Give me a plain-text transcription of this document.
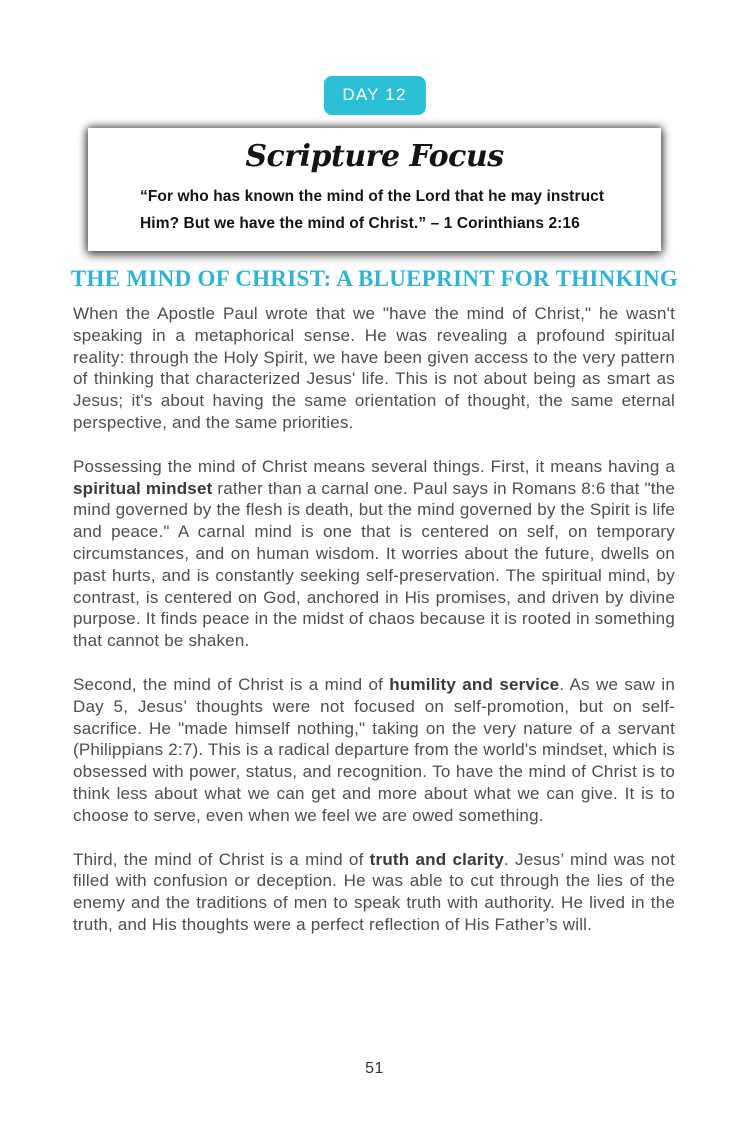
DAY 12
Scripture Focus
“For who has known the mind of the Lord that he may instruct
Him? But we have the mind of Christ.” – 1 Corinthians 2:16
THE MIND OF CHRIST: A BLUEPRINT FOR THINKING

When the Apostle Paul wrote that we "have the mind of Christ," he wasn't speaking in a metaphorical sense. He was revealing a profound spiritual reality: through the Holy Spirit, we have been given access to the very pattern of thinking that characterized Jesus' life. This is not about being as smart as Jesus; it's about having the same orientation of thought, the same eternal perspective, and the same priorities.

Possessing the mind of Christ means several things. First, it means having a spiritual mindset rather than a carnal one. Paul says in Romans 8:6 that "the mind governed by the flesh is death, but the mind governed by the Spirit is life and peace." A carnal mind is one that is centered on self, on temporary circumstances, and on human wisdom. It worries about the future, dwells on past hurts, and is constantly seeking self-preservation. The spiritual mind, by contrast, is centered on God, anchored in His promises, and driven by divine purpose. It finds peace in the midst of chaos because it is rooted in something that cannot be shaken.

Second, the mind of Christ is a mind of humility and service. As we saw in Day 5, Jesus’ thoughts were not focused on self-promotion, but on self-sacrifice. He "made himself nothing," taking on the very nature of a servant (Philippians 2:7). This is a radical departure from the world's mindset, which is obsessed with power, status, and recognition. To have the mind of Christ is to think less about what we can get and more about what we can give. It is to choose to serve, even when we feel we are owed something.

Third, the mind of Christ is a mind of truth and clarity. Jesus’ mind was not filled with confusion or deception. He was able to cut through the lies of the enemy and the traditions of men to speak truth with authority. He lived in the truth, and His thoughts were a perfect reflection of His Father’s will.

51
